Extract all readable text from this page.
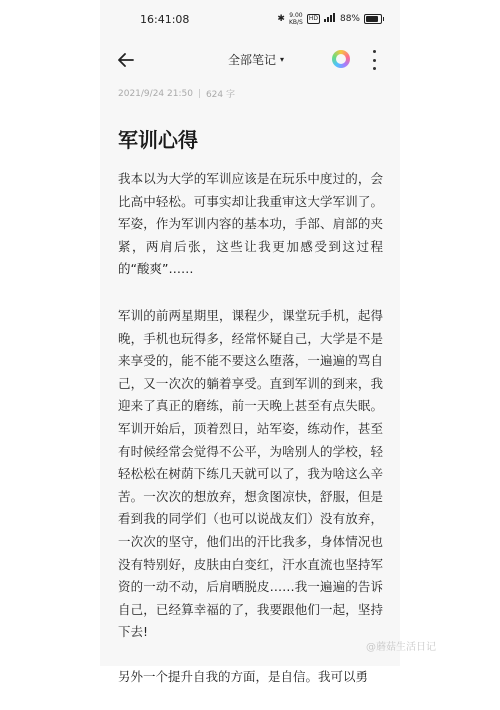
16:41:08	✱ 9.00
KB/S
HD 88%
全部笔记 ▾
2021/9/24 21:50 624 字
军训心得

我本以为大学的军训应该是在玩乐中度过的，会比高中轻松。可事实却让我重审这大学军训了。军姿，作为军训内容的基本功，手部、肩部的夹紧，两肩后张，这些让我更加感受到这过程的“酸爽”……

军训的前两星期里，课程少，课堂玩手机，起得晚，手机也玩得多，经常怀疑自己，大学是不是来享受的，能不能不要这么堕落，一遍遍的骂自己，又一次次的躺着享受。直到军训的到来，我迎来了真正的磨练，前一天晚上甚至有点失眠。军训开始后，顶着烈日，站军姿，练动作，甚至有时候经常会觉得不公平，为啥别人的学校，轻轻松松在树荫下练几天就可以了，我为啥这么辛苦。一次次的想放弃，想贪图凉快，舒服，但是看到我的同学们（也可以说战友们）没有放弃，一次次的坚守，他们出的汗比我多，身体情况也没有特别好，皮肤由白变红，汗水直流也坚持军资的一动不动，后肩晒脱皮……我一遍遍的告诉自己，已经算幸福的了，我要跟他们一起，坚持下去!

另外一个提升自我的方面，是自信。我可以勇

@蘑菇生活日记
